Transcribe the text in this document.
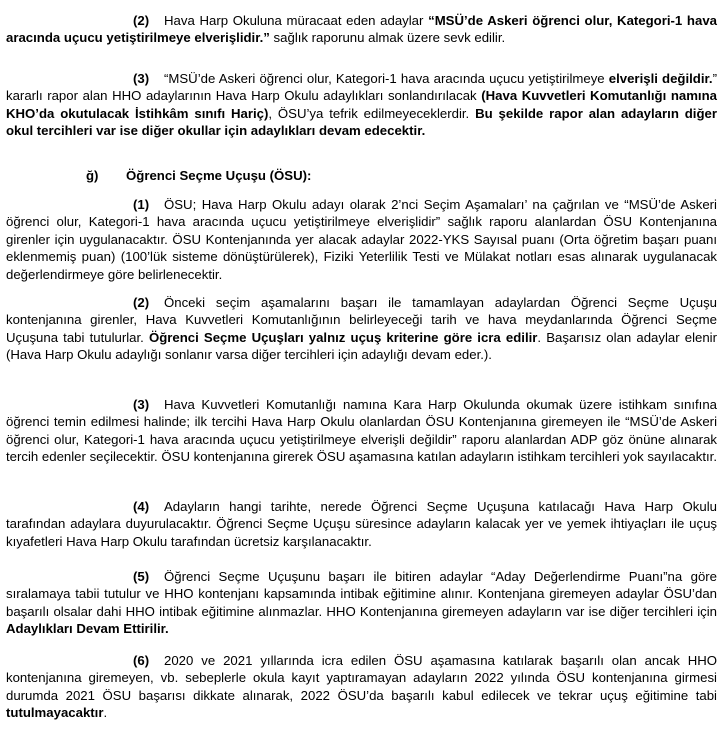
(2) Hava Harp Okuluna müracaat eden adaylar “MSÜ’de Askeri öğrenci olur, Kategori-1 hava aracında uçucu yetiştirilmeye elverişlidir.” sağlık raporunu almak üzere sevk edilir.

(3) “MSÜ’de Askeri öğrenci olur, Kategori-1 hava aracında uçucu yetiştirilmeye elverişli değildir.” kararlı rapor alan HHO adaylarının Hava Harp Okulu adaylıkları sonlandırılacak (Hava Kuvvetleri Komutanlığı namına KHO’da okutulacak İstihkâm sınıfı Hariç), ÖSU’ya tefrik edilmeyeceklerdir. Bu şekilde rapor alan adayların diğer okul tercihleri var ise diğer okullar için adaylıkları devam edecektir.

ğ) Öğrenci Seçme Uçuşu (ÖSU):

(1) ÖSU; Hava Harp Okulu adayı olarak 2’nci Seçim Aşamaları’ na çağrılan ve “MSÜ’de Askeri öğrenci olur, Kategori-1 hava aracında uçucu yetiştirilmeye elverişlidir” sağlık raporu alanlardan ÖSU Kontenjanına girenler için uygulanacaktır. ÖSU Kontenjanında yer alacak adaylar 2022-YKS Sayısal puanı (Orta öğretim başarı puanı eklenmemiş puan) (100’lük sisteme dönüştürülerek), Fiziki Yeterlilik Testi ve Mülakat notları esas alınarak uygulanacak değerlendirmeye göre belirlenecektir.

(2) Önceki seçim aşamalarını başarı ile tamamlayan adaylardan Öğrenci Seçme Uçuşu kontenjanına girenler, Hava Kuvvetleri Komutanlığının belirleyeceği tarih ve hava meydanlarında Öğrenci Seçme Uçuşuna tabi tutulurlar. Öğrenci Seçme Uçuşları yalnız uçuş kriterine göre icra edilir. Başarısız olan adaylar elenir (Hava Harp Okulu adaylığı sonlanır varsa diğer tercihleri için adaylığı devam eder.).

(3) Hava Kuvvetleri Komutanlığı namına Kara Harp Okulunda okumak üzere istihkam sınıfına öğrenci temin edilmesi halinde; ilk tercihi Hava Harp Okulu olanlardan ÖSU Kontenjanına giremeyen ile “MSÜ’de Askeri öğrenci olur, Kategori-1 hava aracında uçucu yetiştirilmeye elverişli değildir” raporu alanlardan ADP göz önüne alınarak tercih edenler seçilecektir. ÖSU kontenjanına girerek ÖSU aşamasına katılan adayların istihkam tercihleri yok sayılacaktır.

(4) Adayların hangi tarihte, nerede Öğrenci Seçme Uçuşuna katılacağı Hava Harp Okulu tarafından adaylara duyurulacaktır. Öğrenci Seçme Uçuşu süresince adayların kalacak yer ve yemek ihtiyaçları ile uçuş kıyafetleri Hava Harp Okulu tarafından ücretsiz karşılanacaktır.

(5) Öğrenci Seçme Uçuşunu başarı ile bitiren adaylar “Aday Değerlendirme Puanı”na göre sıralamaya tabii tutulur ve HHO kontenjanı kapsamında intibak eğitimine alınır. Kontenjana giremeyen adaylar ÖSU’dan başarılı olsalar dahi HHO intibak eğitimine alınmazlar. HHO Kontenjanına giremeyen adayların var ise diğer tercihleri için Adaylıkları Devam Ettirilir.

(6) 2020 ve 2021 yıllarında icra edilen ÖSU aşamasına katılarak başarılı olan ancak HHO kontenjanına giremeyen, vb. sebeplerle okula kayıt yaptıramayan adayların 2022 yılında ÖSU kontenjanına girmesi durumda 2021 ÖSU başarısı dikkate alınarak, 2022 ÖSU’da başarılı kabul edilecek ve tekrar uçuş eğitimine tabi tutulmayacaktır.
